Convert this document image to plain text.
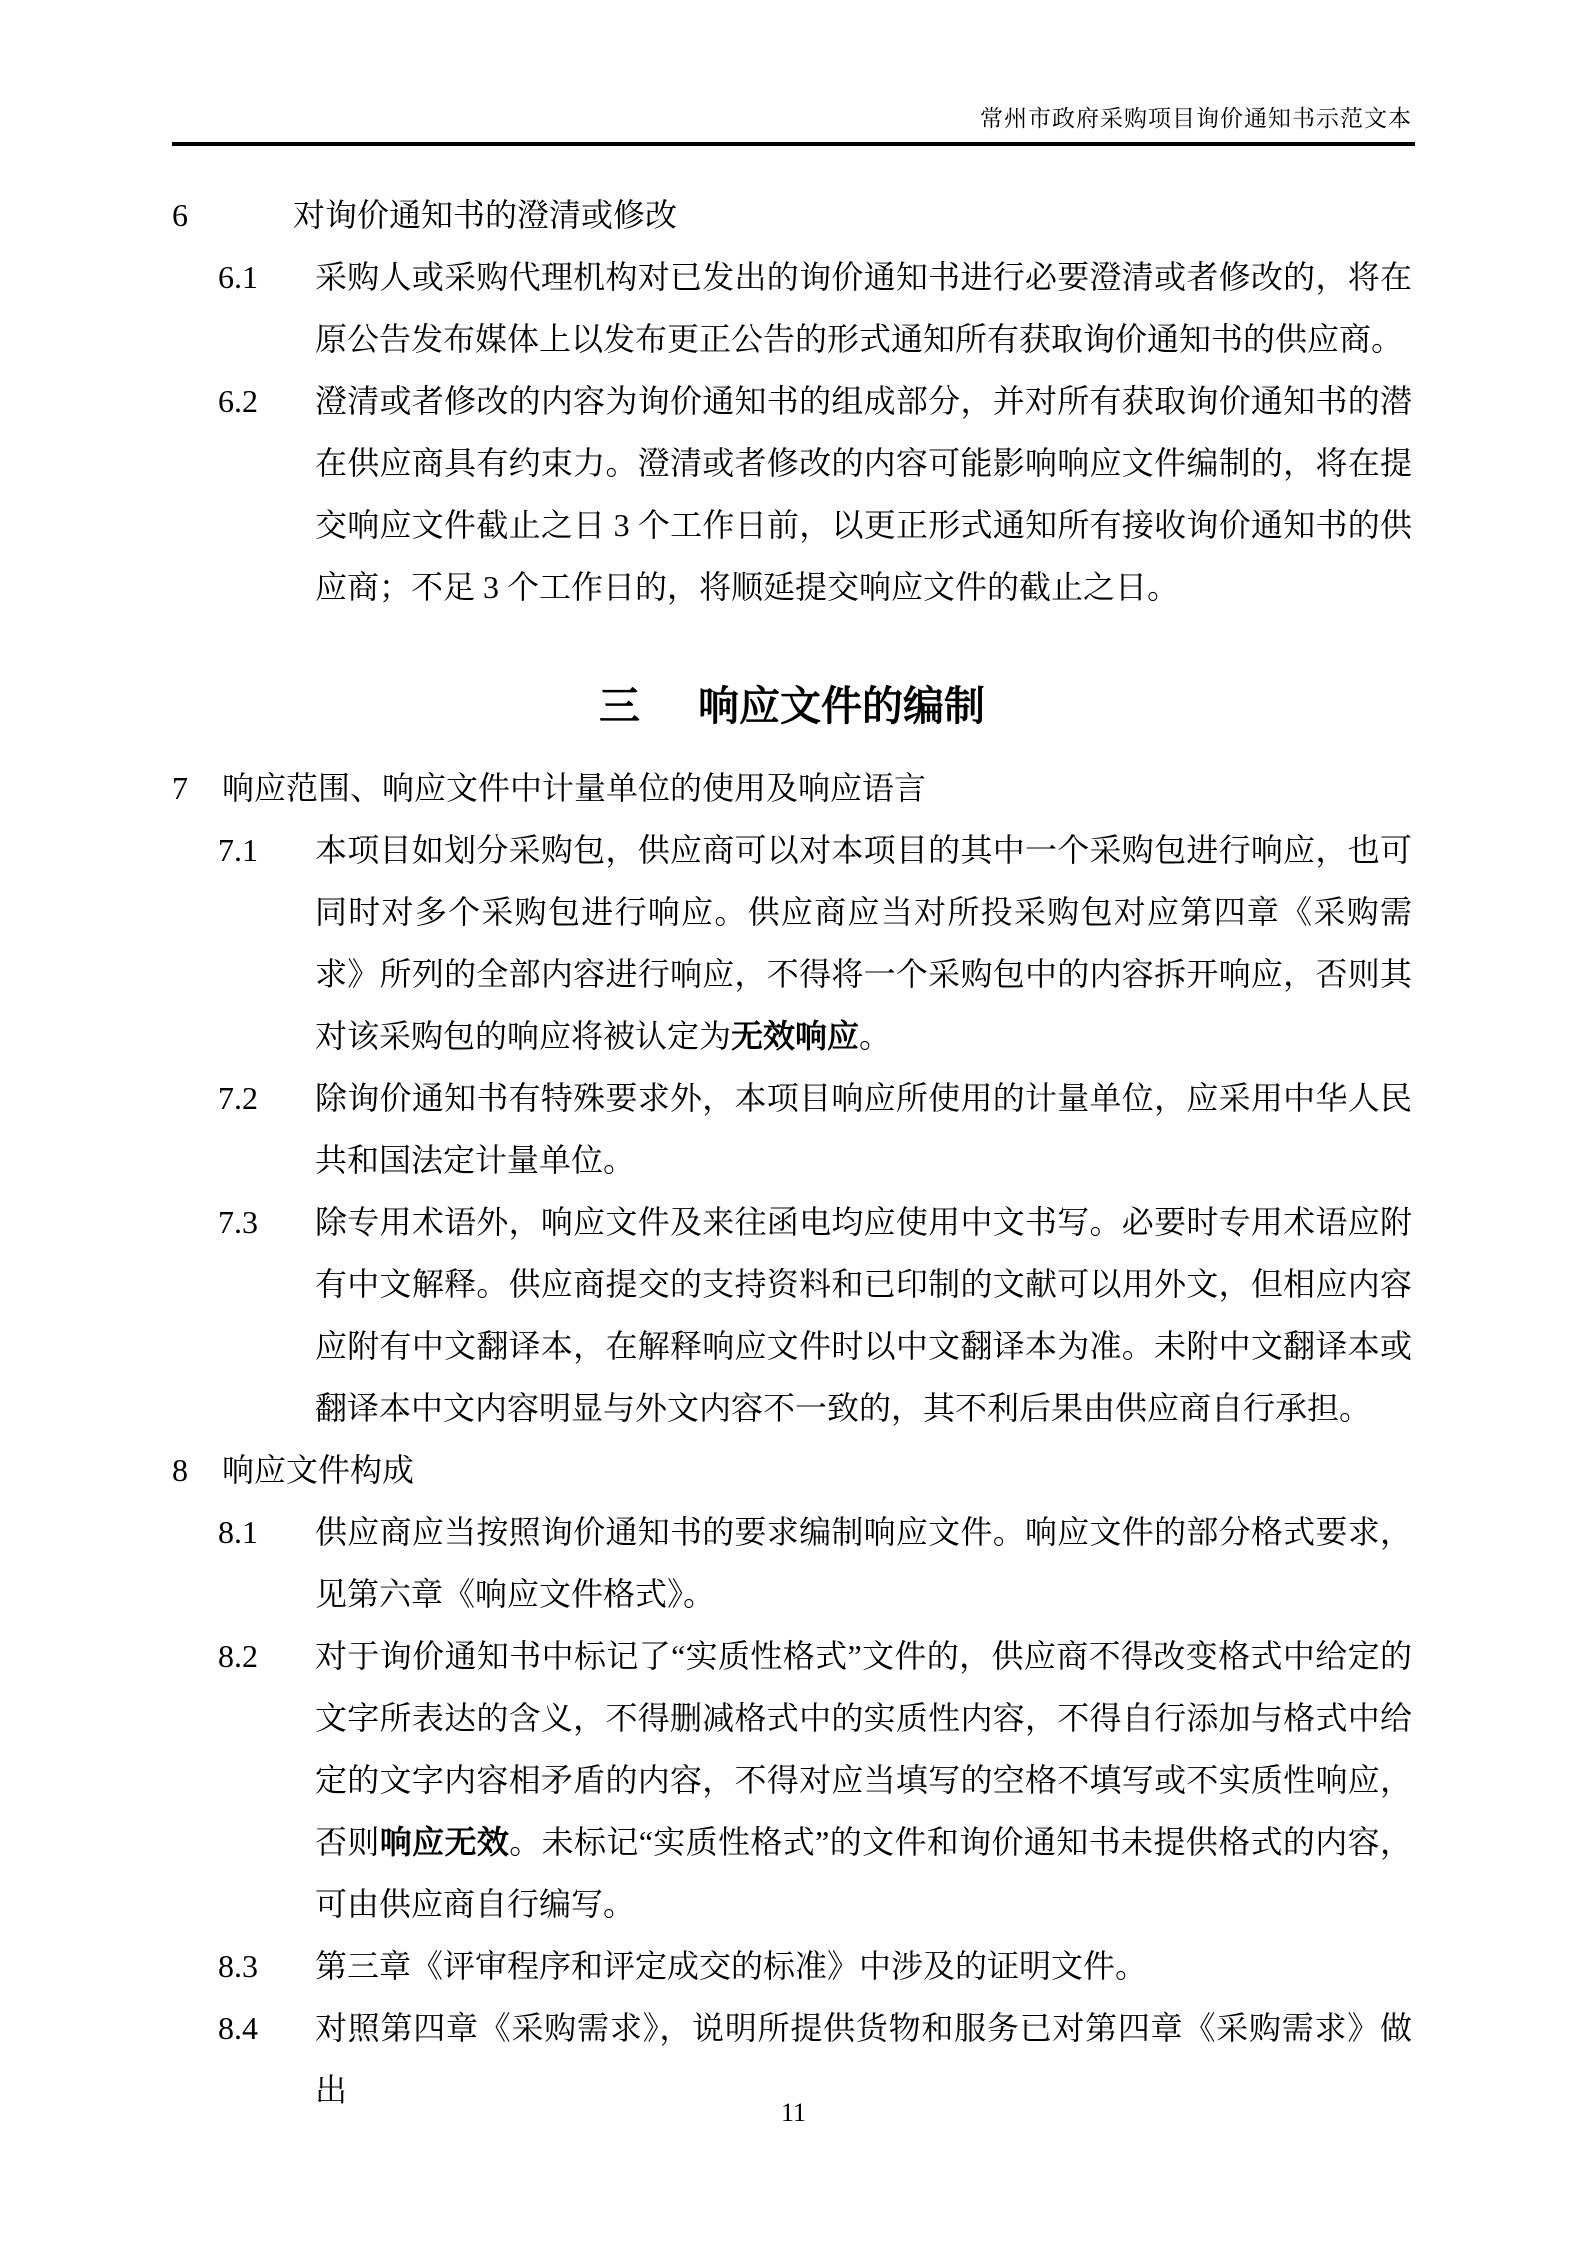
常州市政府采购项目询价通知书示范文本
6	对询价通知书的澄清或修改

6.1	采购人或采购代理机构对已发出的询价通知书进行必要澄清或者修改的，将在原公告发布媒体上以发布更正公告的形式通知所有获取询价通知书的供应商。

6.2	澄清或者修改的内容为询价通知书的组成部分，并对所有获取询价通知书的潜在供应商具有约束力。澄清或者修改的内容可能影响响应文件编制的，将在提交响应文件截止之日 3 个工作日前，以更正形式通知所有接收询价通知书的供应商；不足 3 个工作日的，将顺延提交响应文件的截止之日。

三 响应文件的编制
7	响应范围、响应文件中计量单位的使用及响应语言

7.1	本项目如划分采购包，供应商可以对本项目的其中一个采购包进行响应，也可同时对多个采购包进行响应。供应商应当对所投采购包对应第四章《采购需求》所列的全部内容进行响应，不得将一个采购包中的内容拆开响应，否则其对该采购包的响应将被认定为无效响应。

7.2	除询价通知书有特殊要求外，本项目响应所使用的计量单位，应采用中华人民共和国法定计量单位。

7.3	除专用术语外，响应文件及来往函电均应使用中文书写。必要时专用术语应附有中文解释。供应商提交的支持资料和已印制的文献可以用外文，但相应内容应附有中文翻译本，在解释响应文件时以中文翻译本为准。未附中文翻译本或翻译本中文内容明显与外文内容不一致的，其不利后果由供应商自行承担。

8	响应文件构成

8.1	供应商应当按照询价通知书的要求编制响应文件。响应文件的部分格式要求，见第六章《响应文件格式》。

8.2	对于询价通知书中标记了“实质性格式”文件的，供应商不得改变格式中给定的文字所表达的含义，不得删减格式中的实质性内容，不得自行添加与格式中给定的文字内容相矛盾的内容，不得对应当填写的空格不填写或不实质性响应，否则响应无效。未标记“实质性格式”的文件和询价通知书未提供格式的内容，可由供应商自行编写。

8.3	第三章《评审程序和评定成交的标准》中涉及的证明文件。

8.4	对照第四章《采购需求》，说明所提供货物和服务已对第四章《采购需求》做出

11
